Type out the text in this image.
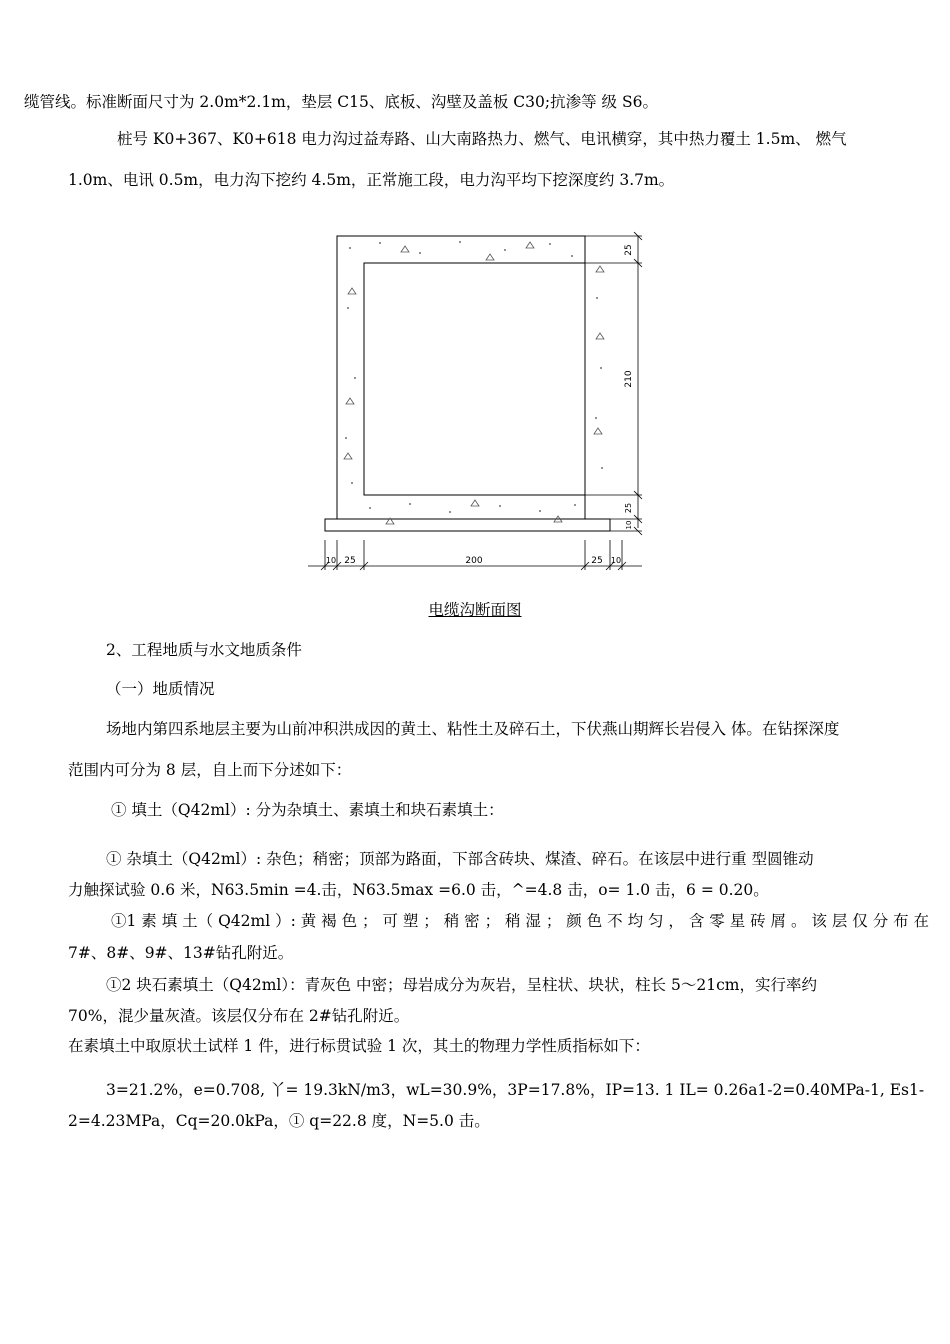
缆管线。标准断面尺寸为 2.0m*2.1m，垫层 C15、底板、沟壁及盖板 C30;抗渗等 级 S6。
桩号 K0+367、K0+618 电力沟过益寿路、山大南路热力、燃气、电讯横穿，其中热力覆土 1.5m、 燃气
1.0m、电讯 0.5m，电力沟下挖约 4.5m，正常施工段，电力沟平均下挖深度约 3.7m。
25
210
25
10
10 25	200	25 10
电缆沟断面图
2、工程地质与水文地质条件
（一）地质情况
场地内第四系地层主要为山前冲积洪成因的黄土、粘性土及碎石土，下伏燕山期辉长岩侵入 体。在钻探深度
范围内可分为 8 层，自上而下分述如下：
① 填土（Q42ml）: 分为杂填土、素填土和块石素填土：
① 杂填土（Q42ml）: 杂色；稍密；顶部为路面，下部含砖块、煤渣、碎石。在该层中进行重 型圆锥动
力触探试验 0.6 米，N63.5min =4.击，N63.5max =6.0 击，^=4.8 击，o= 1.0 击，6 = 0.20。
①1 素 填 土（ Q42ml ）: 黄 褐 色 ； 可 塑 ； 稍 密 ； 稍 湿 ； 颜 色 不 均 匀 ， 含 零 星 砖 屑 。 该 层 仅 分 布 在
7#、8#、9#、13#钻孔附近。
①2 块石素填土（Q42ml）：青灰色 中密；母岩成分为灰岩，呈柱状、块状，柱长 5〜21cm，实行率约
70%，混少量灰渣。该层仅分布在 2#钻孔附近。
在素填土中取原状土试样 1 件，进行标贯试验 1 次，其土的物理力学性质指标如下：
3=21.2%，e=0.708, 丫= 19.3kN/m3，wL=30.9%，3P=17.8%，IP=13. 1 IL= 0.26a1-2=0.40MPa-1, Es1-
2=4.23MPa，Cq=20.0kPa，① q=22.8 度，N=5.0 击。
